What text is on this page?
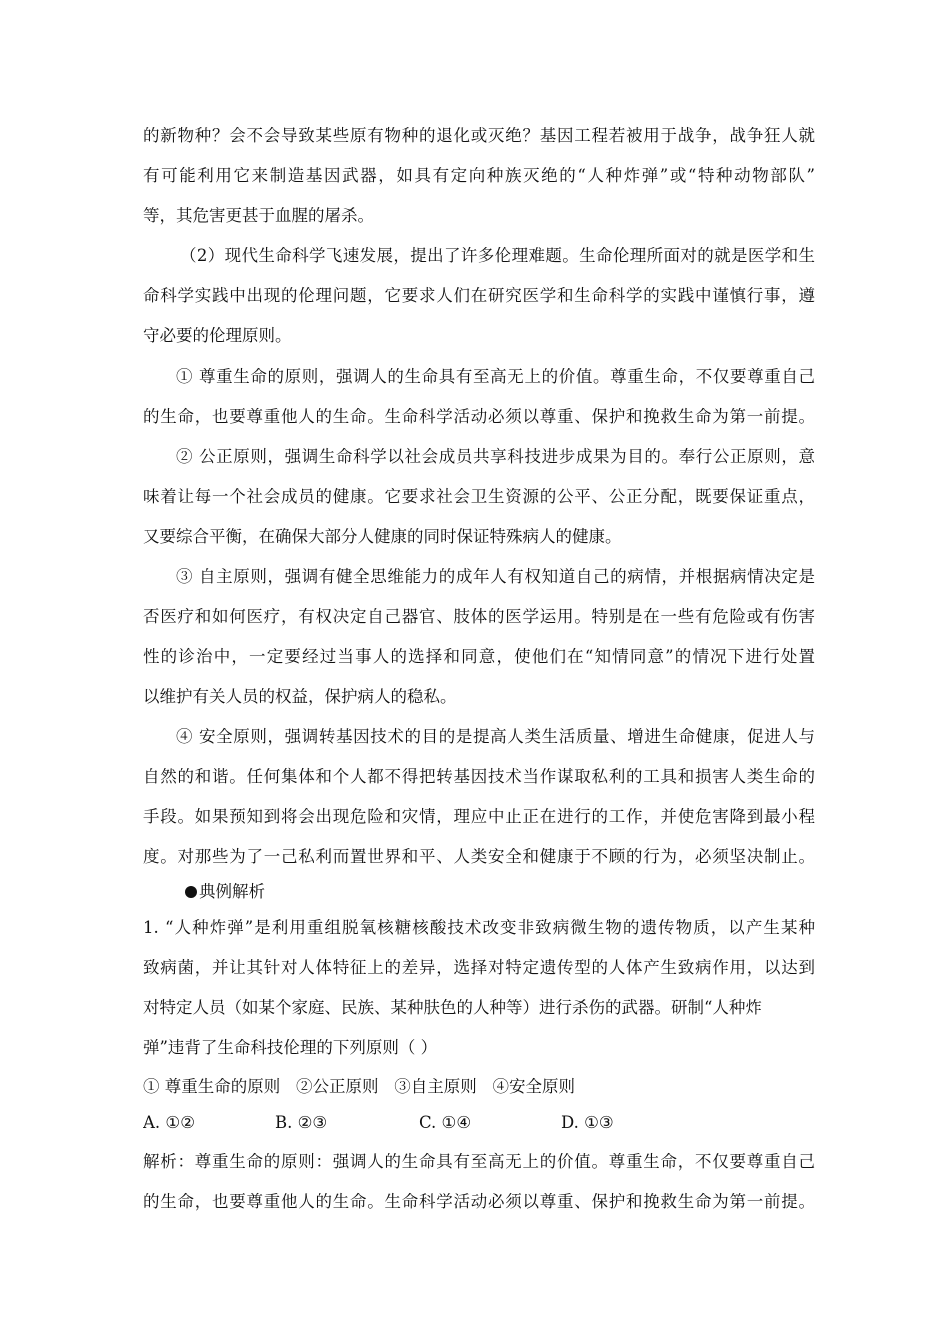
的新物种？会不会导致某些原有物种的退化或灭绝？基因工程若被用于战争，战争狂人就
有可能利用它来制造基因武器，如具有定向种族灭绝的“人种炸弹”或“特种动物部队”
等，其危害更甚于血腥的屠杀。
（2）现代生命科学飞速发展，提出了许多伦理难题。生命伦理所面对的就是医学和生
命科学实践中出现的伦理问题，它要求人们在研究医学和生命科学的实践中谨慎行事，遵
守必要的伦理原则。
① 尊重生命的原则，强调人的生命具有至高无上的价值。尊重生命，不仅要尊重自己
的生命，也要尊重他人的生命。生命科学活动必须以尊重、保护和挽救生命为第一前提。
② 公正原则，强调生命科学以社会成员共享科技进步成果为目的。奉行公正原则，意
味着让每一个社会成员的健康。它要求社会卫生资源的公平、公正分配，既要保证重点，
又要综合平衡，在确保大部分人健康的同时保证特殊病人的健康。
③ 自主原则，强调有健全思维能力的成年人有权知道自己的病情，并根据病情决定是
否医疗和如何医疗，有权决定自己器官、肢体的医学运用。特别是在一些有危险或有伤害
性的诊治中，一定要经过当事人的选择和同意，使他们在“知情同意”的情况下进行处置
以维护有关人员的权益，保护病人的稳私。
④ 安全原则，强调转基因技术的目的是提高人类生活质量、增进生命健康，促进人与
自然的和谐。任何集体和个人都不得把转基因技术当作谋取私利的工具和损害人类生命的
手段。如果预知到将会出现危险和灾情，理应中止正在进行的工作，并使危害降到最小程
度。对那些为了一己私利而置世界和平、人类安全和健康于不顾的行为，必须坚决制止。
典例解析
1. “人种炸弹”是利用重组脱氧核糖核酸技术改变非致病微生物的遗传物质，以产生某种
致病菌，并让其针对人体特征上的差异，选择对特定遗传型的人体产生致病作用，以达到
对特定人员（如某个家庭、民族、某种肤色的人种等）进行杀伤的武器。研制“人种炸
弹”违背了生命科技伦理的下列原则（ ）
① 尊重生命的原则   ②公正原则   ③自主原则   ④安全原则
A. ①②	B. ②③	C. ①④	D. ①③
解析：尊重生命的原则：强调人的生命具有至高无上的价值。尊重生命，不仅要尊重自己
的生命，也要尊重他人的生命。生命科学活动必须以尊重、保护和挽救生命为第一前提。
